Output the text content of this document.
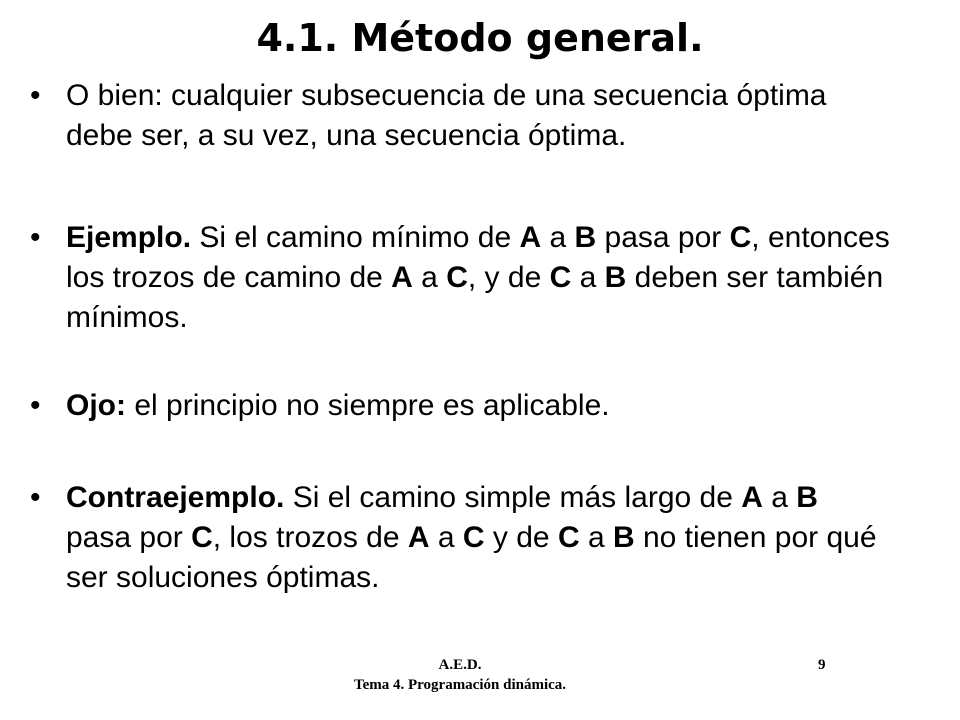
4.1. Método general.
• O bien: cualquier subsecuencia de una secuencia óptima debe ser, a su vez, una secuencia óptima.
• Ejemplo. Si el camino mínimo de A a B pasa por C, entonces los trozos de camino de A a C, y de C a B deben ser también mínimos.
• Ojo: el principio no siempre es aplicable.
• Contraejemplo. Si el camino simple más largo de A a B pasa por C, los trozos de A a C y de C a B no tienen por qué ser soluciones óptimas.
A.E.D.
Tema 4. Programación dinámica.
9
